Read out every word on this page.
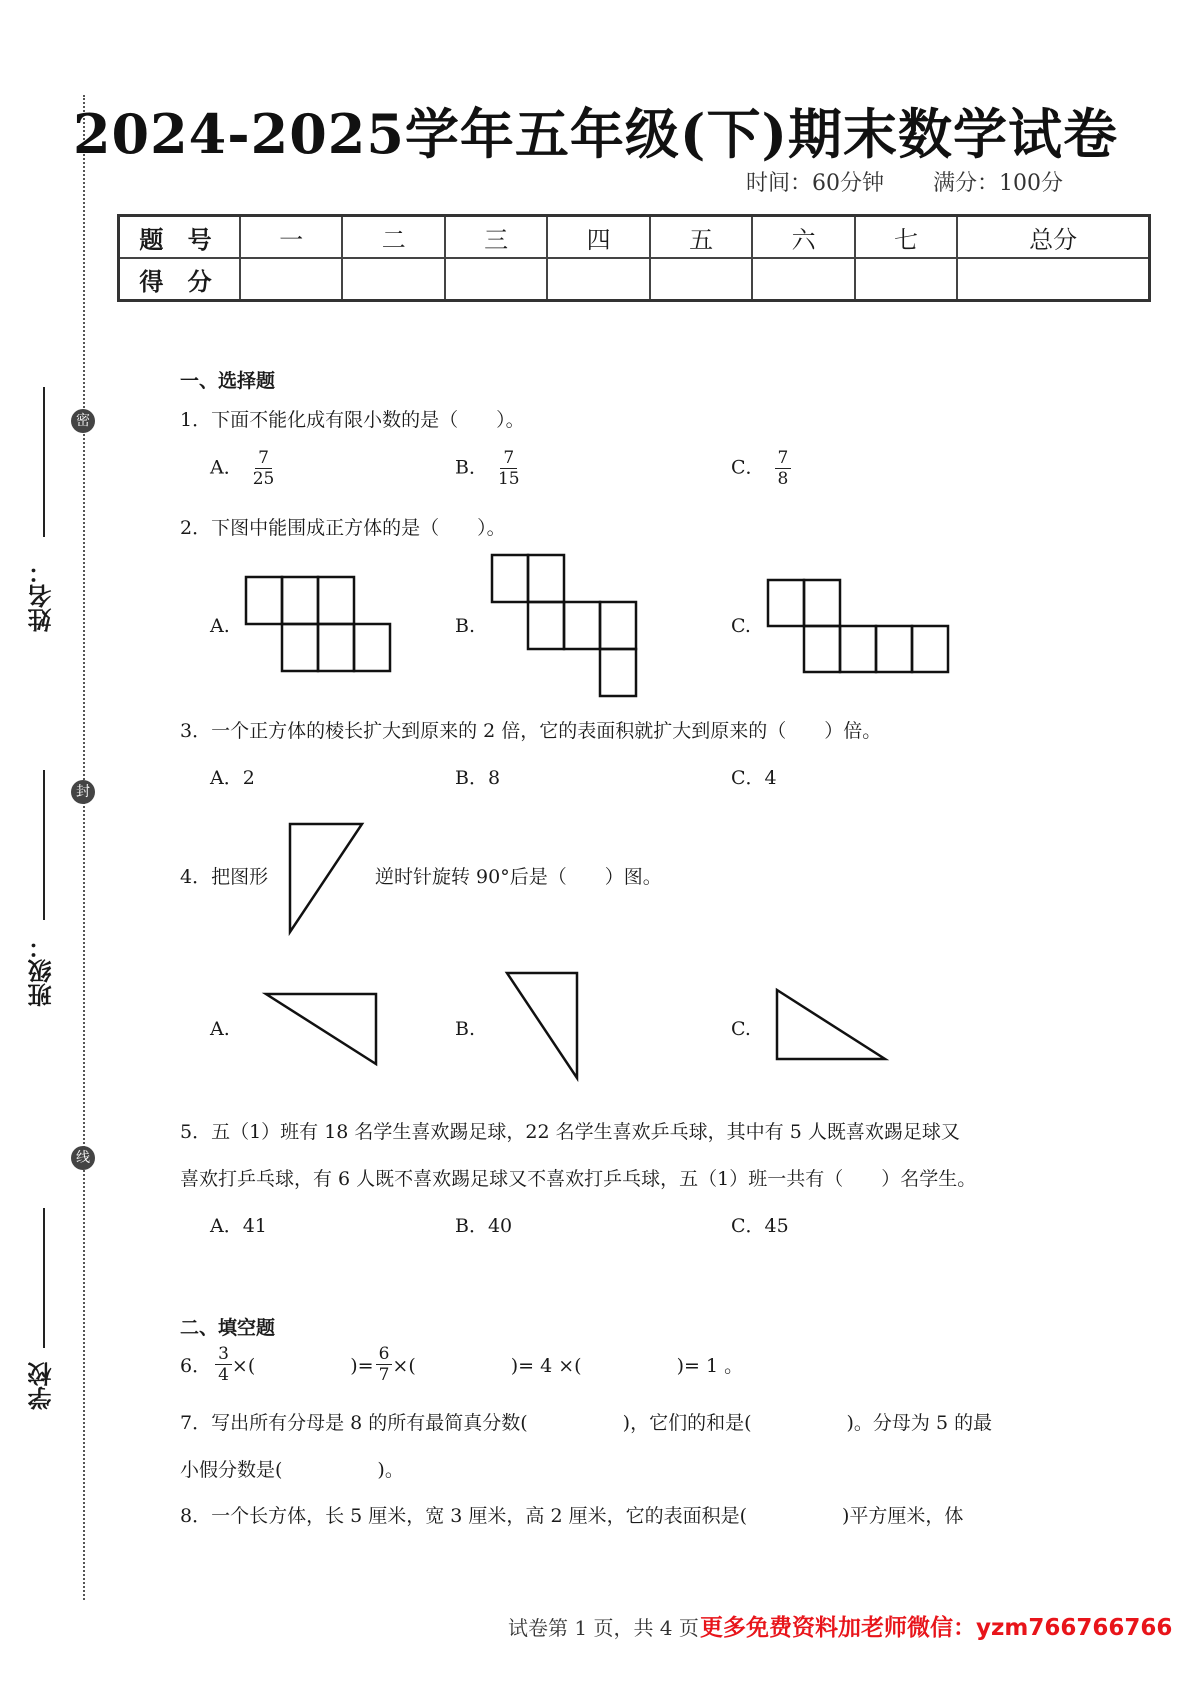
密
封
线
姓名：
班级：
学校
2024-2025学年五年级(下)期末数学试卷
时间：60分钟 满分：100分
题 号	一	二	三	四	五	六	七	总分
得 分								
一、选择题
1．下面不能化成有限小数的是（　　）。
A． $\frac{7}{25}$	B． $\frac{7}{15}$	C． $\frac{7}{8}$
2．下图中能围成正方体的是（　　）。
A.	B.	C.
3．一个正方体的棱长扩大到原来的 2 倍，它的表面积就扩大到原来的（　　）倍。
A．2	B．8	C．4
4．把图形	逆时针旋转 90°后是（　　）图。
A.	B.	C.
5．五（1）班有 18 名学生喜欢踢足球，22 名学生喜欢乒乓球，其中有 5 人既喜欢踢足球又
喜欢打乒乓球，有 6 人既不喜欢踢足球又不喜欢打乒乓球，五（1）班一共有（　　）名学生。
A．41	B．40	C．45
二、填空题
6． $\frac{3}{4}$ ×(　　　　　)= $\frac{6}{7}$ ×(　　　　　)= 4 ×(　　　　　)= 1 。
7．写出所有分母是 8 的所有最简真分数(　　　　　)，它们的和是(　　　　　)。分母为 5 的最
小假分数是(　　　　　)。
8．一个长方体，长 5 厘米，宽 3 厘米，高 2 厘米，它的表面积是(　　　　　)平方厘米，体
试卷第 1 页，共 4 页 更多免费资料加老师微信：yzm766766766
